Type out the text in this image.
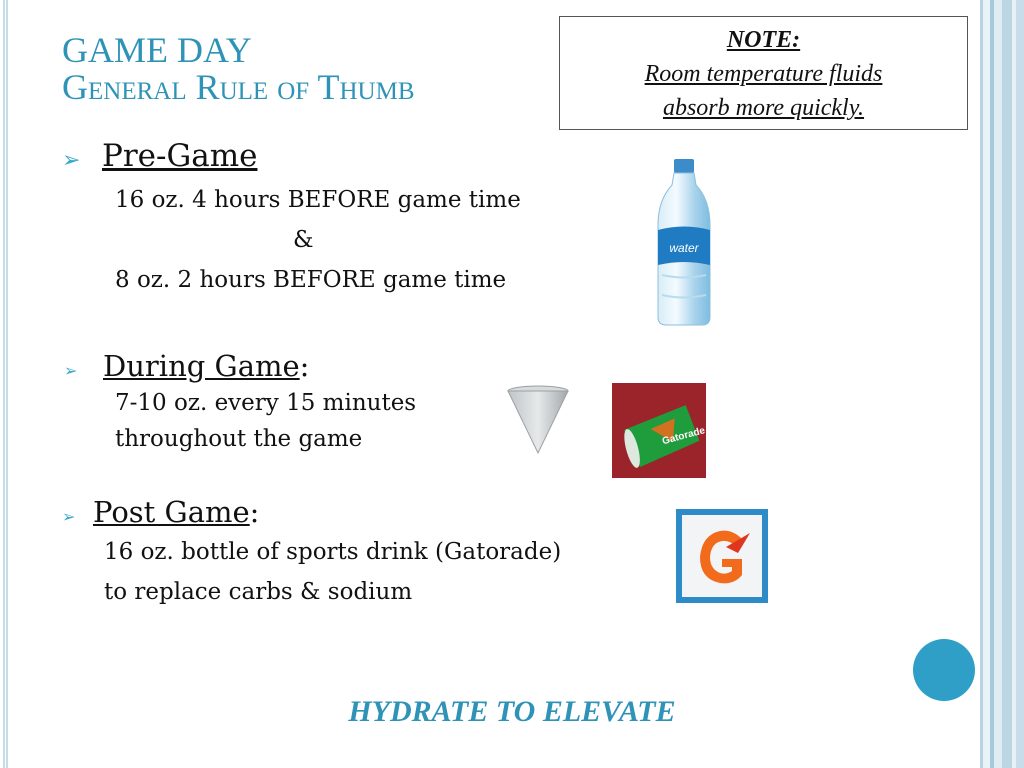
GAME DAY
General Rule of Thumb
NOTE:
Room temperature fluids
absorb more quickly.
➢ Pre-Game
16 oz. 4 hours BEFORE game time
&
8 oz. 2 hours BEFORE game time
➢ During Game:
7-10 oz. every 15 minutes
throughout the game
➢ Post Game:
16 oz. bottle of sports drink (Gatorade)
to replace carbs & sodium
water
Gatorade
HYDRATE TO ELEVATE
